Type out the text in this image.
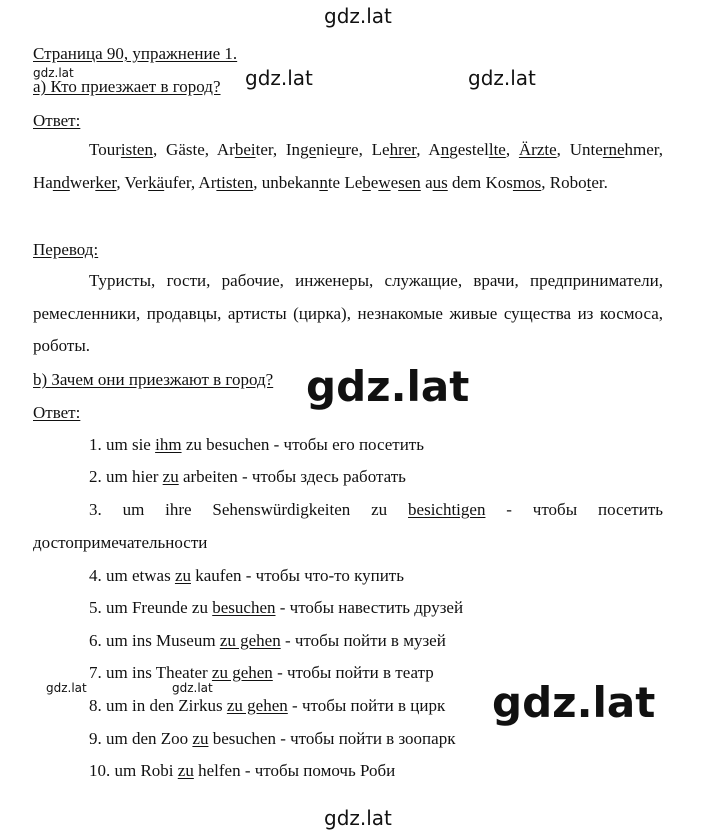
gdz.lat
gdz.lat	gdz.lat	gdz.lat
gdz.lat
gdz.lat	gdz.lat	gdz.lat
gdz.lat
Страница 90, упражнение 1.
a) Кто приезжает в город?
Ответ:
Touristen, Gäste, Arbeiter, Ingenieure, Lehrer, Angestellte, Ärzte, Unternehmer, Handwerker, Verkäufer, Artisten, unbekannte Lebewesen aus dem Kosmos, Roboter.
Перевод:
Туристы, гости, рабочие, инженеры, служащие, врачи, предприниматели, ремесленники, продавцы, артисты (цирка), незнакомые живые существа из космоса, роботы.
b) Зачем они приезжают в город?
Ответ:
1. um sie ihm zu besuchen - чтобы его посетить
2. um hier zu arbeiten - чтобы здесь работать
3. um ihre Sehenswürdigkeiten zu besichtigen - чтобы посетить
достопримечательности
4. um etwas zu kaufen - чтобы что-то купить
5. um Freunde zu besuchen - чтобы навестить друзей
6. um ins Museum zu gehen - чтобы пойти в музей
7. um ins Theater zu gehen - чтобы пойти в театр
8. um in den Zirkus zu gehen - чтобы пойти в цирк
9. um den Zoo zu besuchen - чтобы пойти в зоопарк
10. um Robi zu helfen - чтобы помочь Роби
